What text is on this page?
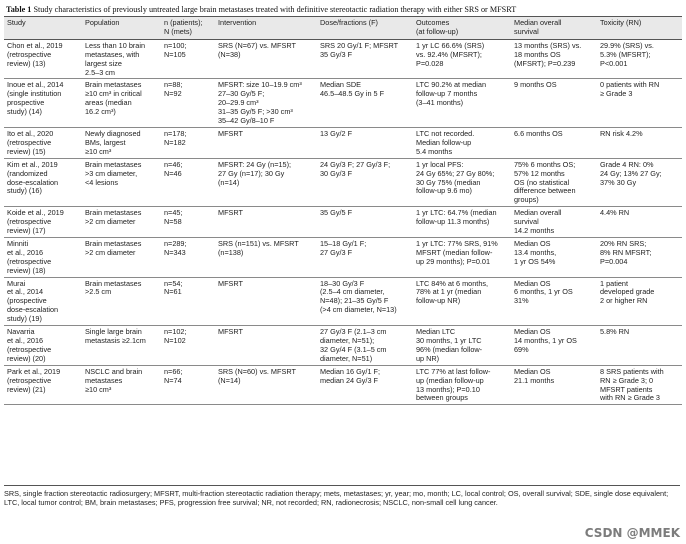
Table 1 Study characteristics of previously untreated large brain metastases treated with definitive stereotactic radiation therapy with either SRS or MFSRT
Study	Population	n (patients);
N (mets)	Intervention	Dose/fractions (F)	Outcomes
(at follow-up)	Median overall
survival	Toxicity (RN)
Chon et al., 2019
(retrospective
review) (13)	Less than 10 brain
metastases, with
largest size
2.5–3 cm	n=100;
N=105	SRS (N=67) vs. MFSRT
(N=38)	SRS 20 Gy/1 F; MFSRT
35 Gy/3 F	1 yr LC 66.6% (SRS)
vs. 92.4% (MFSRT);
P=0.028	13 months (SRS) vs.
18 months OS
(MFSRT); P=0.239	29.9% (SRS) vs.
5.3% (MFSRT);
P<0.001
Inoue et al., 2014
(single institution
prospective
study) (14)	Brain metastases
≥10 cm³ in critical
areas (median
16.2 cm³)	n=88;
N=92	MFSRT: size 10–19.9 cm³
27–30 Gy/5 F;
20–29.9 cm³
31–35 Gy/5 F; >30 cm³
35–42 Gy/8–10 F	Median SDE
46.5–48.5 Gy in 5 F	LTC 90.2% at median
follow-up 7 months
(3–41 months)	9 months OS	0 patients with RN
≥ Grade 3
Ito et al., 2020
(retrospective
review) (15)	Newly diagnosed
BMs, largest
≥10 cm³	n=178;
N=182	MFSRT	13 Gy/2 F	LTC not recorded.
Median follow-up
5.4 months	6.6 months OS	RN risk 4.2%
Kim et al., 2019
(randomized
dose-escalation
study) (16)	Brain metastases
>3 cm diameter,
<4 lesions	n=46;
N=46	MFSRT: 24 Gy (n=15);
27 Gy (n=17); 30 Gy
(n=14)	24 Gy/3 F; 27 Gy/3 F;
30 Gy/3 F	1 yr local PFS:
24 Gy 65%; 27 Gy 80%;
30 Gy 75% (median
follow-up 9.6 mo)	75% 6 months OS;
57% 12 months
OS (no statistical
difference between
groups)	Grade 4 RN: 0%
24 Gy; 13% 27 Gy;
37% 30 Gy
Koide et al., 2019
(retrospective
review) (17)	Brain metastases
>2 cm diameter	n=45;
N=58	MFSRT	35 Gy/5 F	1 yr LTC: 64.7% (median
follow-up 11.3 months)	Median overall
survival
14.2 months	4.4% RN
Minniti
et al., 2016
(retrospective
review) (18)	Brain metastases
>2 cm diameter	n=289;
N=343	SRS (n=151) vs. MFSRT
(n=138)	15–18 Gy/1 F;
27 Gy/3 F	1 yr LTC: 77% SRS, 91%
MFSRT (median follow-
up 29 months); P=0.01	Median OS
13.4 months,
1 yr OS 54%	20% RN SRS;
8% RN MFSRT;
P=0.004
Murai
et al., 2014
(prospective
dose-escalation
study) (19)	Brain metastases
>2.5 cm	n=54;
N=61	MFSRT	18–30 Gy/3 F
(2.5–4 cm diameter,
N=48); 21–35 Gy/5 F
(>4 cm diameter, N=13)	LTC 84% at 6 months,
78% at 1 yr (median
follow-up NR)	Median OS
6 months, 1 yr OS
31%	1 patient
developed grade
2 or higher RN
Navarria
et al., 2016
(retrospective
review) (20)	Single large brain
metastasis ≥2.1cm	n=102;
N=102	MFSRT	27 Gy/3 F (2.1–3 cm
diameter, N=51);
32 Gy/4 F (3.1–5 cm
diameter, N=51)	Median LTC
30 months, 1 yr LTC
96% (median follow-
up NR)	Median OS
14 months, 1 yr OS
69%	5.8% RN
Park et al., 2019
(retrospective
review) (21)	NSCLC and brain
metastases
≥10 cm³	n=66;
N=74	SRS (N=60) vs. MFSRT
(N=14)	Median 16 Gy/1 F;
median 24 Gy/3 F	LTC 77% at last follow-
up (median follow-up
13 months); P=0.10
between groups	Median OS
21.1 months	8 SRS patients with
RN ≥ Grade 3; 0
MFSRT patients
with RN ≥ Grade 3
SRS, single fraction stereotactic radiosurgery; MFSRT, multi-fraction stereotactic radiation therapy; mets, metastases; yr, year; mo, month; LC, local control; OS, overall survival; SDE, single dose equivalent; LTC, local tumor control; BM, brain metastases; PFS, progression free survival; NR, not recorded; RN, radionecrosis; NSCLC, non-small cell lung cancer.
CSDN @MMEK
